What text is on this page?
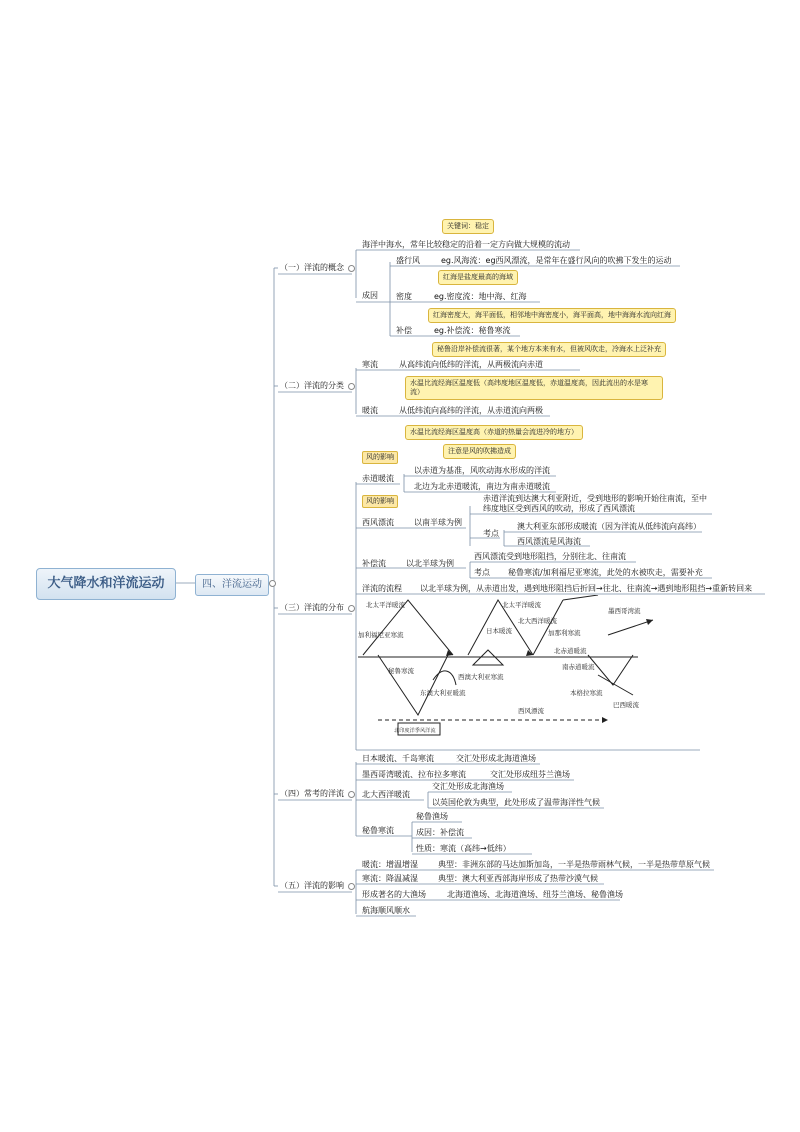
大气降水和洋流运动	四、洋流运动
（一）洋流的概念
关键词：稳定
海洋中海水，常年比较稳定的沿着一定方向做大规模的流动
成因
盛行风	eg.风海流：eg西风漂流，是常年在盛行风向的吹拂下发生的运动
红海是盐度最高的海域
密度	eg.密度流：地中海、红海
红海密度大，海平面低，相邻地中海密度小，海平面高，地中海海水流向红海
补偿	eg.补偿流：秘鲁寒流
秘鲁沿岸补偿流很著，某个地方本来有水，但被风吹走，冷海水上泛补充
（二）洋流的分类
寒流	从高纬流向低纬的洋流，从两极流向赤道
水温比流经海区温度低（高纬度地区温度低，赤道温度高，因此流出的水是寒流）
暖流	从低纬流向高纬的洋流，从赤道流向两极
水温比流经海区温度高（赤道的热量会流进冷的地方）
（三）洋流的分布
注意是风的吹拂造成
风的影响
赤道暖流
以赤道为基准，风吹动海水形成的洋流
北边为北赤道暖流，南边为南赤道暖流
风的影响
西风漂流	以南半球为例
赤道洋流到达澳大利亚附近，受到地形的影响开始往南流，至中纬度地区受到西风的吹动，形成了西风漂流
考点
澳大利亚东部形成暖流（因为洋流从低纬流向高纬）
西风漂流是风海流
补偿流	以北半球为例
西风漂流受到地形阻挡，分别往北、往南流
考点 秘鲁寒流/加利福尼亚寒流，此处的水被吹走，需要补充
洋流的流程 以北半球为例，从赤道出发，遇到地形阻挡后折回→往北、往南流→遇到地形阻挡→重新转回来
北太平洋暖流
加利福尼亚寒流	日本暖流
北太平洋暖流
北大西洋暖流
加那利寒流
墨西哥湾流
北赤道暖流
南赤道暖流
秘鲁寒流
东澳大利亚暖流
西澳大利亚寒流
本格拉寒流
巴西暖流
西风漂流
北印度洋季风洋流
（四）常考的洋流
日本暖流、千岛寒流	交汇处形成北海道渔场
墨西哥湾暖流、拉布拉多寒流	交汇处形成纽芬兰渔场
北大西洋暖流
交汇处形成北海渔场
以英国伦敦为典型，此处形成了温带海洋性气候
秘鲁寒流
秘鲁渔场
成因：补偿流
性质：寒流（高纬→低纬）
（五）洋流的影响
暖流：增温增湿	典型：非洲东部的马达加斯加岛，一半是热带雨林气候，一半是热带草原气候
寒流：降温减湿	典型：澳大利亚西部海岸形成了热带沙漠气候
形成著名的大渔场	北海道渔场、北海道渔场、纽芬兰渔场、秘鲁渔场
航海顺风顺水
